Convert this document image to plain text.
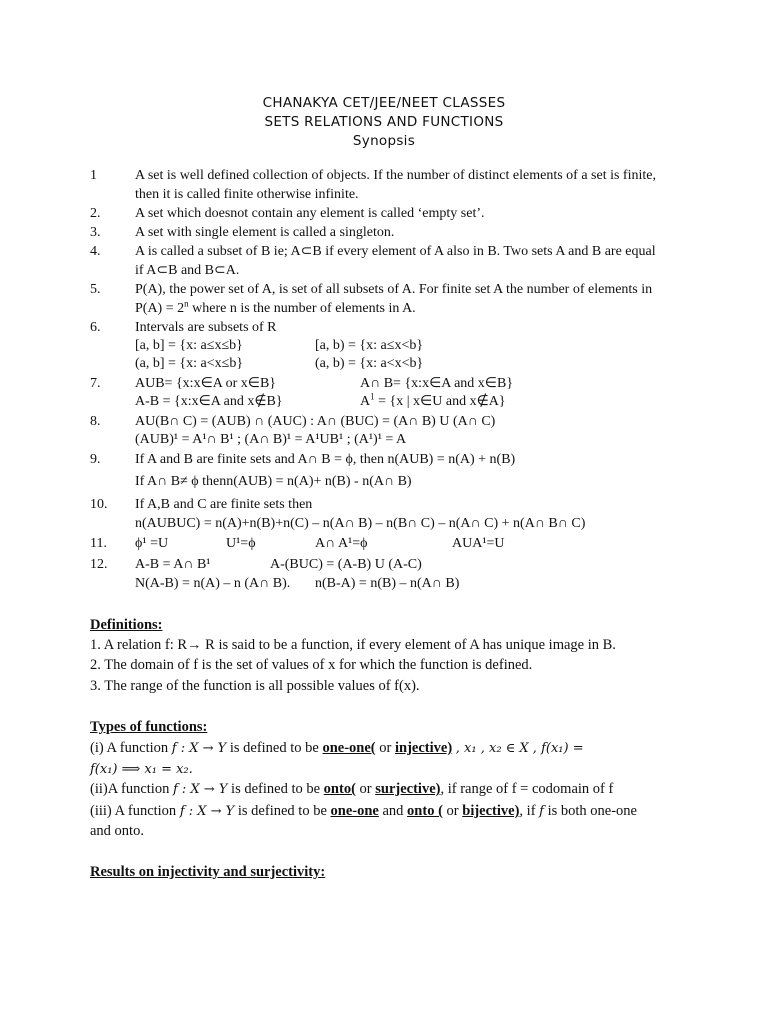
CHANAKYA CET/JEE/NEET CLASSES
SETS RELATIONS AND FUNCTIONS
Synopsis
1	A set is well defined collection of objects. If the number of distinct elements of a set is finite,
then it is called finite otherwise infinite.
2. A set which doesnot contain any element is called ‘empty set’.
3. A set with single element is called a singleton.
4. A is called a subset of B ie; A⊂B if every element of A also in B. Two sets A and B are equal
if A⊂B and B⊂A.
5. P(A), the power set of A, is set of all subsets of A. For finite set A the number of elements in
$P(A) = 2^n$ where n is the number of elements in A.
6. Intervals are subsets of R
[a, b] = {x: a≤x≤b}	[a, b) = {x: a≤x<b}
(a, b] = {x: a<x≤b}	(a, b) = {x: a<x<b}
7. AUB= {x:x∈A or x∈B}	A∩ B= {x:x∈A and x∈B}
A-B = {x:x∈A and x∉B}	$A^1 = \{x$ | x∈U and x∉A}
8. AU(B∩ C) = (AUB) ∩ (AUC) : A∩ (BUC) = (A∩ B) U (A∩ C)
(AUB)¹ = A¹∩ B¹ ; (A∩ B)¹ = A¹UB¹ ; (A¹)¹ = A
9. If A and B are finite sets and A∩ B = ϕ, then n(AUB) = n(A) + n(B)
If A∩ B≠ ϕ thenn(AUB) = n(A)+ n(B) - n(A∩ B)
10. If A,B and C are finite sets then
n(AUBUC) = n(A)+n(B)+n(C) – n(A∩ B) – n(B∩ C) – n(A∩ C) + n(A∩ B∩ C)
11. ϕ¹ =U	U¹=ϕ	A∩ A¹=ϕ	AUA¹=U
12. A-B = A∩ B¹	A-(BUC) = (A-B) U (A-C)
N(A-B) = n(A) – n (A∩ B). n(B-A) = n(B) – n(A∩ B)
Definitions:
1. A relation f: R→ R is said to be a function, if every element of A has unique image in B.
2. The domain of f is the set of values of x for which the function is defined.
3. The range of the function is all possible values of f(x).
Types of functions:
(i) A function f : X → Y is defined to be one-one( or injective) , x₁ , x₂ ∈ X , f(x₁) =
f(x₁) ⟹ x₁ = x₂.
(ii)A function f : X → Y is defined to be onto( or surjective), if range of f = codomain of f
(iii) A function f : X → Y is defined to be one-one and onto ( or bijective), if f is both one-one
and onto.
Results on injectivity and surjectivity:
